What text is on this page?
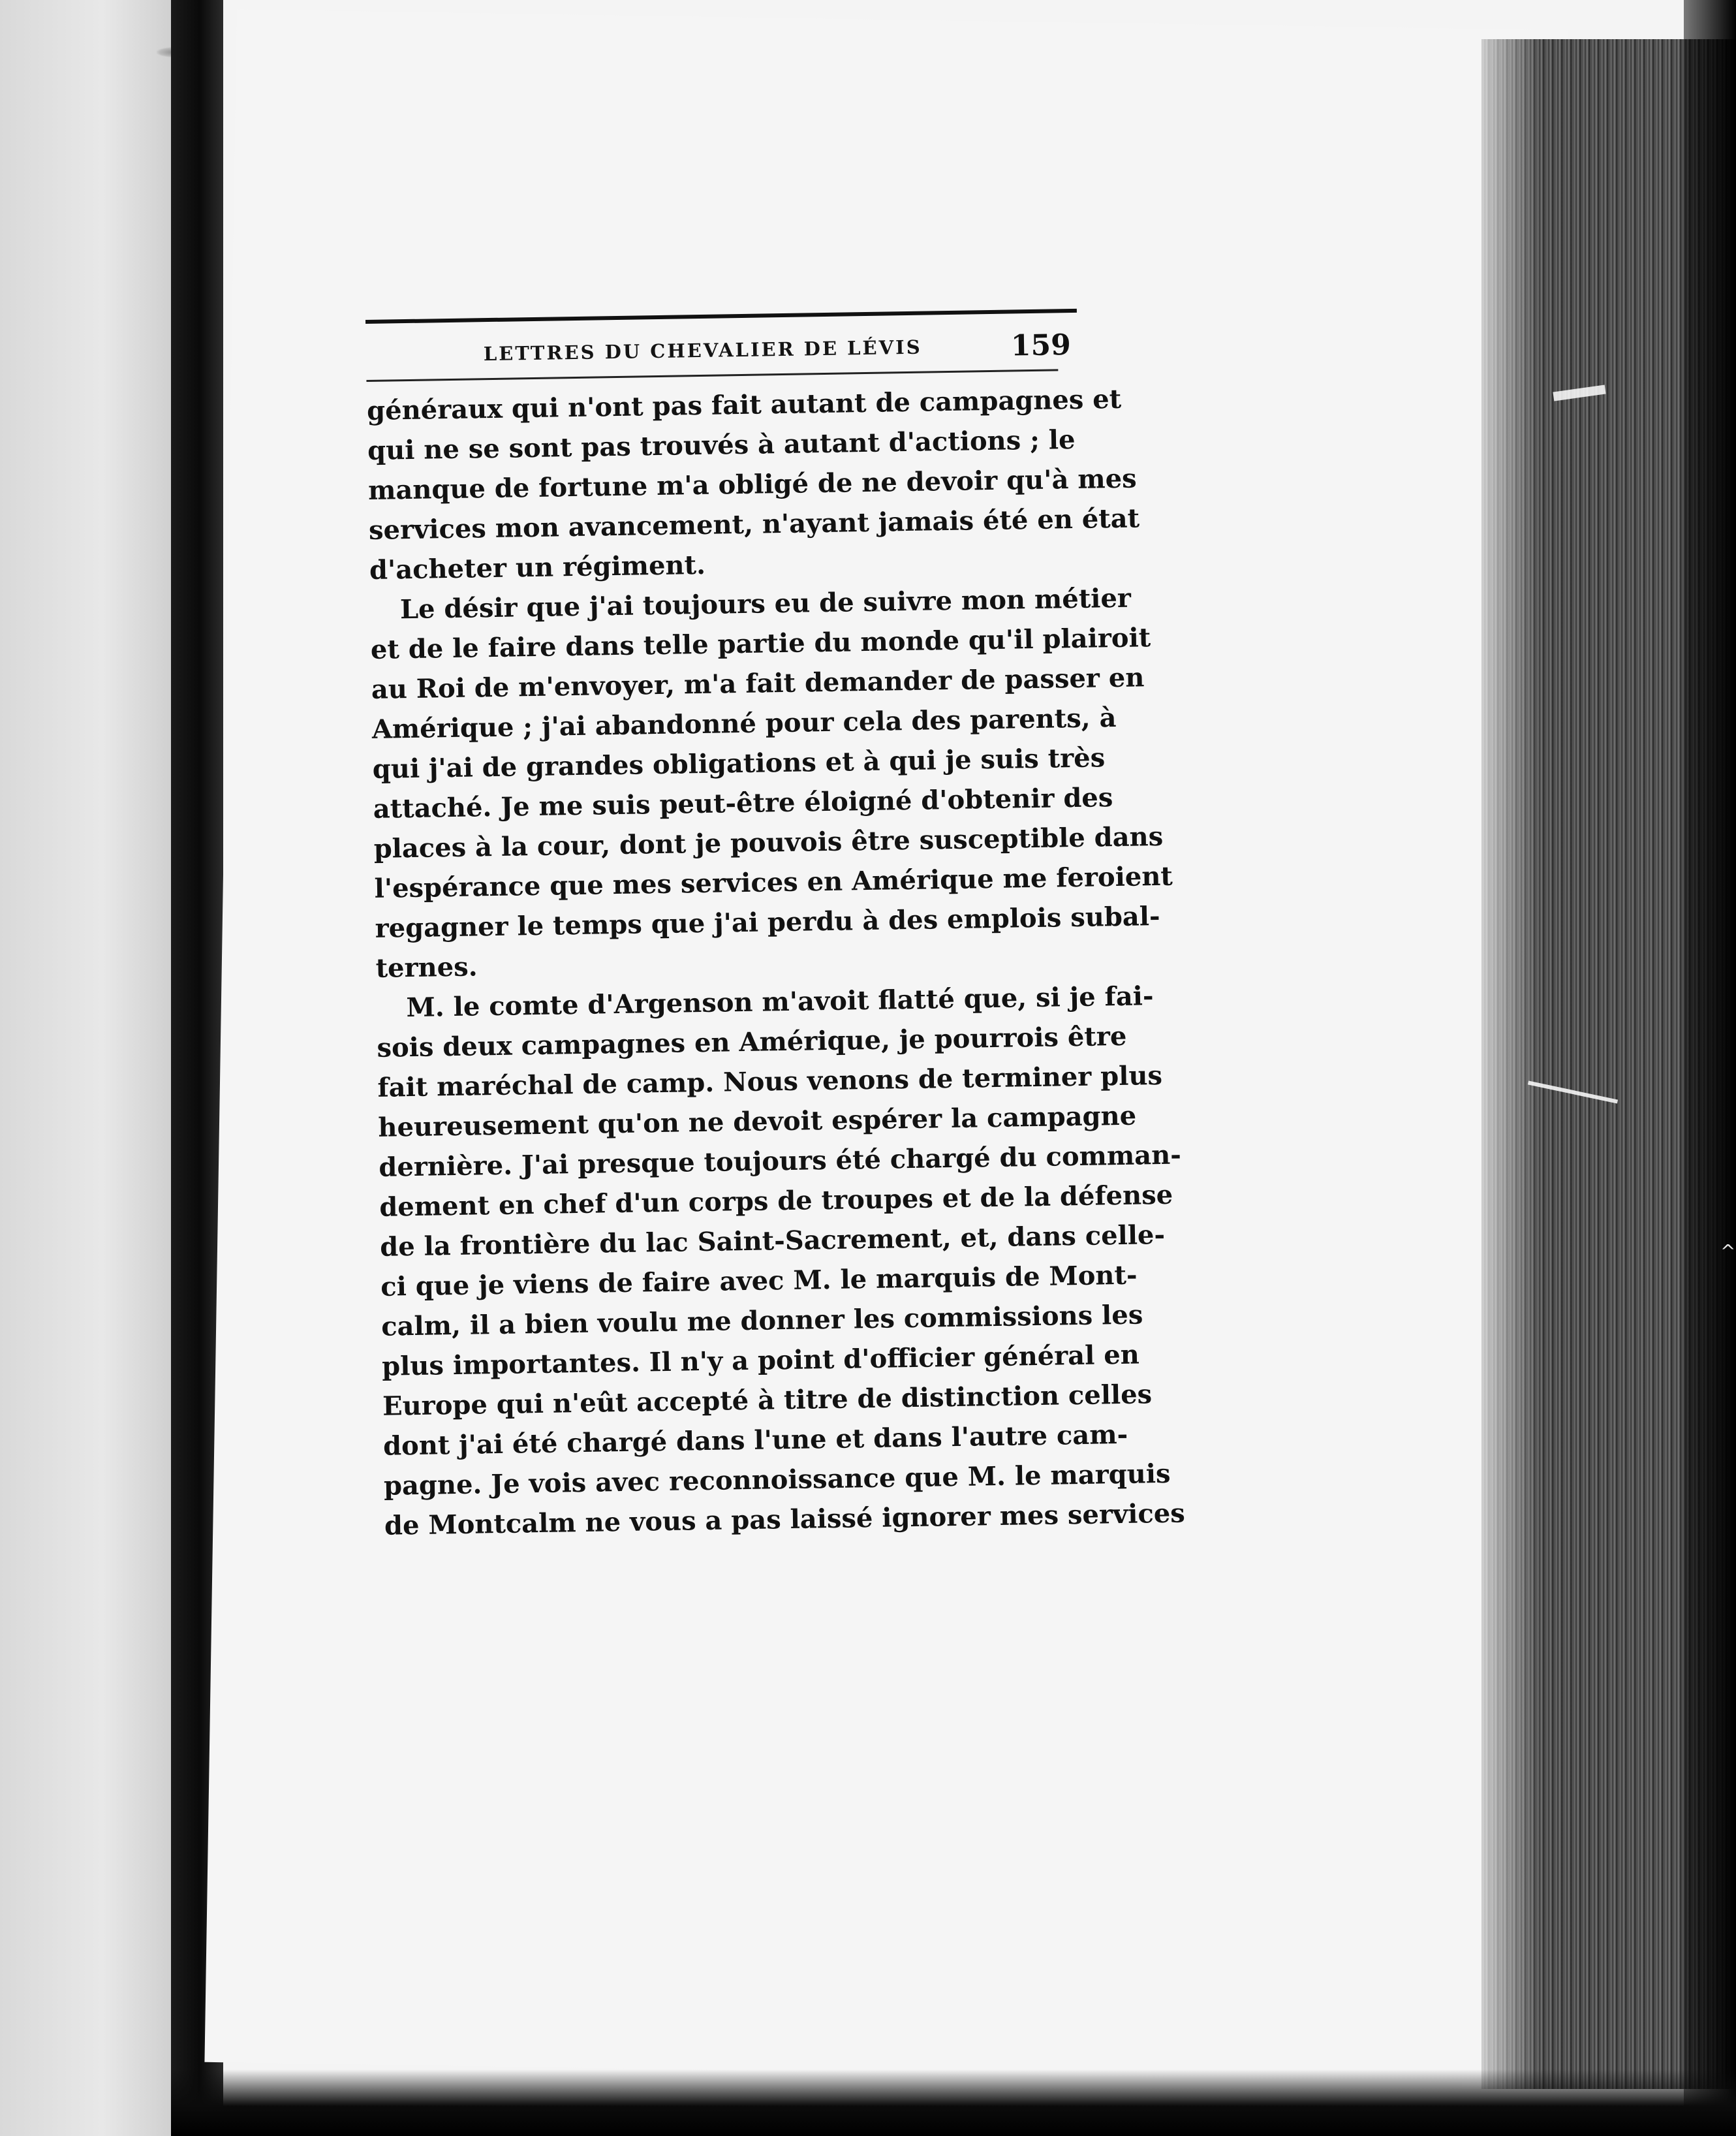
^
LETTRES DU CHEVALIER DE LÉVIS	159
généraux qui n'ont pas fait autant de campagnes et
qui ne se sont pas trouvés à autant d'actions ; le
manque de fortune m'a obligé de ne devoir qu'à mes
services mon avancement, n'ayant jamais été en état
d'acheter un régiment.
Le désir que j'ai toujours eu de suivre mon métier
et de le faire dans telle partie du monde qu'il plairoit
au Roi de m'envoyer, m'a fait demander de passer en
Amérique ; j'ai abandonné pour cela des parents, à
qui j'ai de grandes obligations et à qui je suis très
attaché. Je me suis peut-être éloigné d'obtenir des
places à la cour, dont je pouvois être susceptible dans
l'espérance que mes services en Amérique me feroient
regagner le temps que j'ai perdu à des emplois subal-
ternes.
M. le comte d'Argenson m'avoit flatté que, si je fai-
sois deux campagnes en Amérique, je pourrois être
fait maréchal de camp. Nous venons de terminer plus
heureusement qu'on ne devoit espérer la campagne
dernière. J'ai presque toujours été chargé du comman-
dement en chef d'un corps de troupes et de la défense
de la frontière du lac Saint-Sacrement, et, dans celle-
ci que je viens de faire avec M. le marquis de Mont-
calm, il a bien voulu me donner les commissions les
plus importantes. Il n'y a point d'officier général en
Europe qui n'eût accepté à titre de distinction celles
dont j'ai été chargé dans l'une et dans l'autre cam-
pagne. Je vois avec reconnoissance que M. le marquis
de Montcalm ne vous a pas laissé ignorer mes services
